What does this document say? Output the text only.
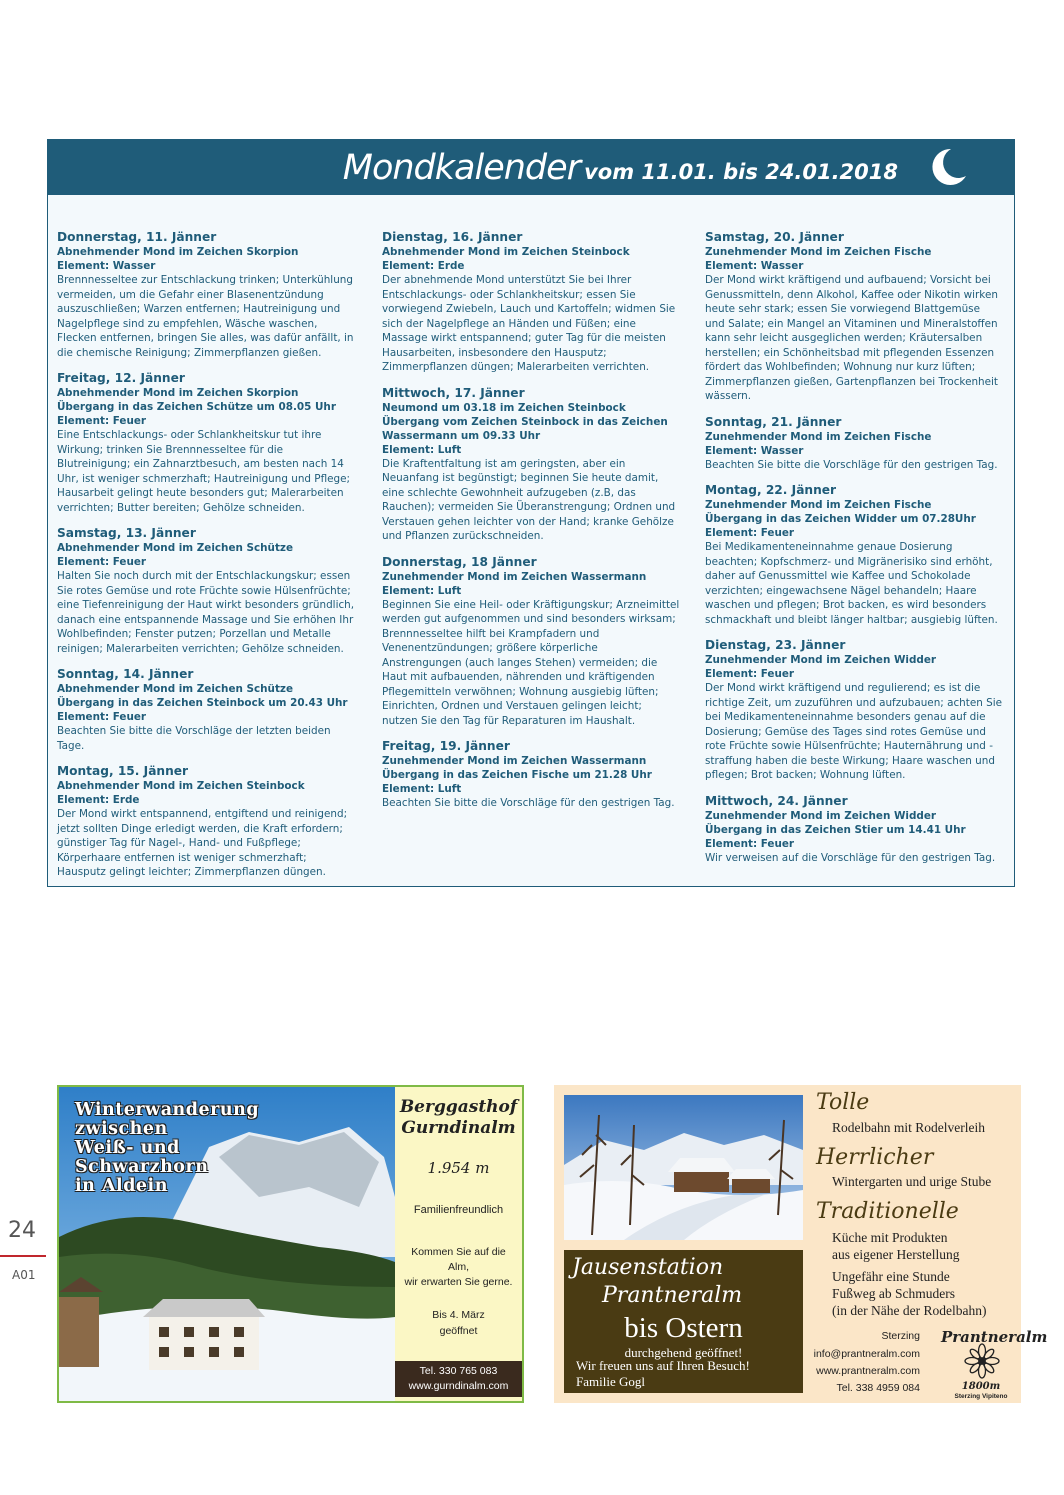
Mondkalender vom 11.01. bis 24.01.2018
Donnerstag, 11. Jänner
Abnehmender Mond im Zeichen Skorpion
Element: Wasser

Brennnesseltee zur Entschlackung trinken; Unterkühlung vermeiden, um die Gefahr einer Blasenentzündung auszuschließen; Warzen entfernen; Hautreinigung und Nagelpflege sind zu empfehlen, Wäsche waschen, Flecken entfernen, bringen Sie alles, was dafür anfällt, in die chemische Reinigung; Zimmerpflanzen gießen.

Freitag, 12. Jänner
Abnehmender Mond im Zeichen Skorpion
Übergang in das Zeichen Schütze um 08.05 Uhr
Element: Feuer

Eine Entschlackungs- oder Schlankheitskur tut ihre Wirkung; trinken Sie Brennnesseltee für die Blutreinigung; ein Zahnarztbesuch, am besten nach 14 Uhr, ist weniger schmerzhaft; Hautreinigung und Pflege; Hausarbeit gelingt heute besonders gut; Malerarbeiten verrichten; Butter bereiten; Gehölze schneiden.

Samstag, 13. Jänner
Abnehmender Mond im Zeichen Schütze
Element: Feuer

Halten Sie noch durch mit der Entschlackungskur; essen Sie rotes Gemüse und rote Früchte sowie Hülsenfrüchte; eine Tiefenreinigung der Haut wirkt besonders gründlich, danach eine entspannende Massage und Sie erhöhen Ihr Wohlbefinden; Fenster putzen; Porzellan und Metalle reinigen; Malerarbeiten verrichten; Gehölze schneiden.

Sonntag, 14. Jänner
Abnehmender Mond im Zeichen Schütze
Übergang in das Zeichen Steinbock um 20.43 Uhr
Element: Feuer

Beachten Sie bitte die Vorschläge der letzten beiden Tage.

Montag, 15. Jänner
Abnehmender Mond im Zeichen Steinbock
Element: Erde

Der Mond wirkt entspannend, entgiftend und reinigend; jetzt sollten Dinge erledigt werden, die Kraft erfordern; günstiger Tag für Nagel-, Hand- und Fußpflege; Körperhaare entfernen ist weniger schmerzhaft; Hausputz gelingt leichter; Zimmerpflanzen düngen.

Dienstag, 16. Jänner
Abnehmender Mond im Zeichen Steinbock
Element: Erde

Der abnehmende Mond unterstützt Sie bei Ihrer Entschlackungs- oder Schlankheitskur; essen Sie vorwiegend Zwiebeln, Lauch und Kartoffeln; widmen Sie sich der Nagelpflege an Händen und Füßen; eine Massage wirkt entspannend; guter Tag für die meisten Hausarbeiten, insbesondere den Hausputz; Zimmerpflanzen düngen; Malerarbeiten verrichten.

Mittwoch, 17. Jänner
Neumond um 03.18 im Zeichen Steinbock
Übergang vom Zeichen Steinbock in das Zeichen Wassermann um 09.33 Uhr
Element: Luft

Die Kraftentfaltung ist am geringsten, aber ein Neuanfang ist begünstigt; beginnen Sie heute damit, eine schlechte Gewohnheit aufzugeben (z.B, das Rauchen); vermeiden Sie Überanstrengung; Ordnen und Verstauen gehen leichter von der Hand; kranke Gehölze und Pflanzen zurückschneiden.

Donnerstag, 18 Jänner
Zunehmender Mond im Zeichen Wassermann
Element: Luft

Beginnen Sie eine Heil- oder Kräftigungskur; Arzneimittel werden gut aufgenommen und sind besonders wirksam; Brennnesseltee hilft bei Krampfadern und Venenentzündungen; größere körperliche Anstrengungen (auch langes Stehen) vermeiden; die Haut mit aufbauenden, nährenden und kräftigenden Pflegemitteln verwöhnen; Wohnung ausgiebig lüften; Einrichten, Ordnen und Verstauen gelingen leicht; nutzen Sie den Tag für Reparaturen im Haushalt.

Freitag, 19. Jänner
Zunehmender Mond im Zeichen Wassermann
Übergang in das Zeichen Fische um 21.28 Uhr
Element: Luft

Beachten Sie bitte die Vorschläge für den gestrigen Tag.

Samstag, 20. Jänner
Zunehmender Mond im Zeichen Fische
Element: Wasser

Der Mond wirkt kräftigend und aufbauend; Vorsicht bei Genussmitteln, denn Alkohol, Kaffee oder Nikotin wirken heute sehr stark; essen Sie vorwiegend Blattgemüse und Salate; ein Mangel an Vitaminen und Mineralstoffen kann sehr leicht ausgeglichen werden; Kräutersalben herstellen; ein Schönheitsbad mit pflegenden Essenzen fördert das Wohlbefinden; Wohnung nur kurz lüften; Zimmerpflanzen gießen, Gartenpflanzen bei Trockenheit wässern.

Sonntag, 21. Jänner
Zunehmender Mond im Zeichen Fische
Element: Wasser

Beachten Sie bitte die Vorschläge für den gestrigen Tag.

Montag, 22. Jänner
Zunehmender Mond im Zeichen Fische
Übergang in das Zeichen Widder um 07.28Uhr
Element: Feuer

Bei Medikamenteneinnahme genaue Dosierung beachten; Kopfschmerz- und Migränerisiko sind erhöht, daher auf Genussmittel wie Kaffee und Schokolade verzichten; eingewachsene Nägel behandeln; Haare waschen und pflegen; Brot backen, es wird besonders schmackhaft und bleibt länger haltbar; ausgiebig lüften.

Dienstag, 23. Jänner
Zunehmender Mond im Zeichen Widder
Element: Feuer

Der Mond wirkt kräftigend und regulierend; es ist die richtige Zeit, um zuzuführen und aufzubauen; achten Sie bei Medikamenteneinnahme besonders genau auf die Dosierung; Gemüse des Tages sind rotes Gemüse und rote Früchte sowie Hülsenfrüchte; Hauternährung und -straffung haben die beste Wirkung; Haare waschen und pflegen; Brot backen; Wohnung lüften.

Mittwoch, 24. Jänner
Zunehmender Mond im Zeichen Widder
Übergang in das Zeichen Stier um 14.41 Uhr
Element: Feuer

Wir verweisen auf die Vorschläge für den gestrigen Tag.

24
A01
Winterwanderung
zwischen
Weiß- und
Schwarzhorn
in Aldein
Berggasthof
Gurndinalm
1.954 m
Familienfreundlich
Kommen Sie auf die Alm,
wir erwarten Sie gerne.
Bis 4. März
geöffnet
Tel. 330 765 083
www.gurndinalm.com
Jausenstation
Prantneralm
bis Ostern
durchgehend geöffnet!
Wir freuen uns auf Ihren Besuch!
Familie Gogl
Tolle
Rodelbahn mit Rodelverleih
Herrlicher
Wintergarten und urige Stube
Traditionelle
Küche mit Produkten
aus eigener Herstellung
Ungefähr eine Stunde
Fußweg ab Schmuders
(in der Nähe der Rodelbahn)
Sterzing
info@prantneralm.com
www.prantneralm.com
Tel. 338 4959 084
Prantneralm
1800m
Sterzing Vipiteno
